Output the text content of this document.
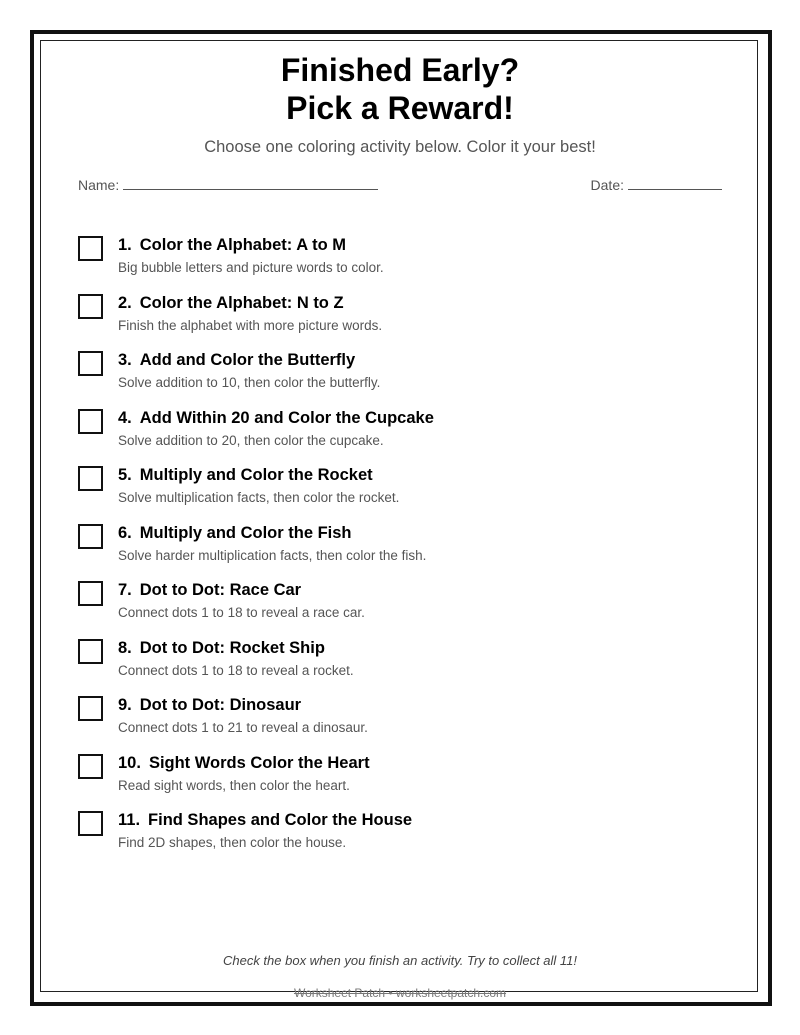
Finished Early?
Pick a Reward!
Choose one coloring activity below. Color it your best!
Name:	Date:
1. Color the Alphabet: A to M
Big bubble letters and picture words to color.
2. Color the Alphabet: N to Z
Finish the alphabet with more picture words.
3. Add and Color the Butterfly
Solve addition to 10, then color the butterfly.
4. Add Within 20 and Color the Cupcake
Solve addition to 20, then color the cupcake.
5. Multiply and Color the Rocket
Solve multiplication facts, then color the rocket.
6. Multiply and Color the Fish
Solve harder multiplication facts, then color the fish.
7. Dot to Dot: Race Car
Connect dots 1 to 18 to reveal a race car.
8. Dot to Dot: Rocket Ship
Connect dots 1 to 18 to reveal a rocket.
9. Dot to Dot: Dinosaur
Connect dots 1 to 21 to reveal a dinosaur.
10. Sight Words Color the Heart
Read sight words, then color the heart.
11. Find Shapes and Color the House
Find 2D shapes, then color the house.
Check the box when you finish an activity. Try to collect all 11!
Worksheet Patch • worksheetpatch.com
